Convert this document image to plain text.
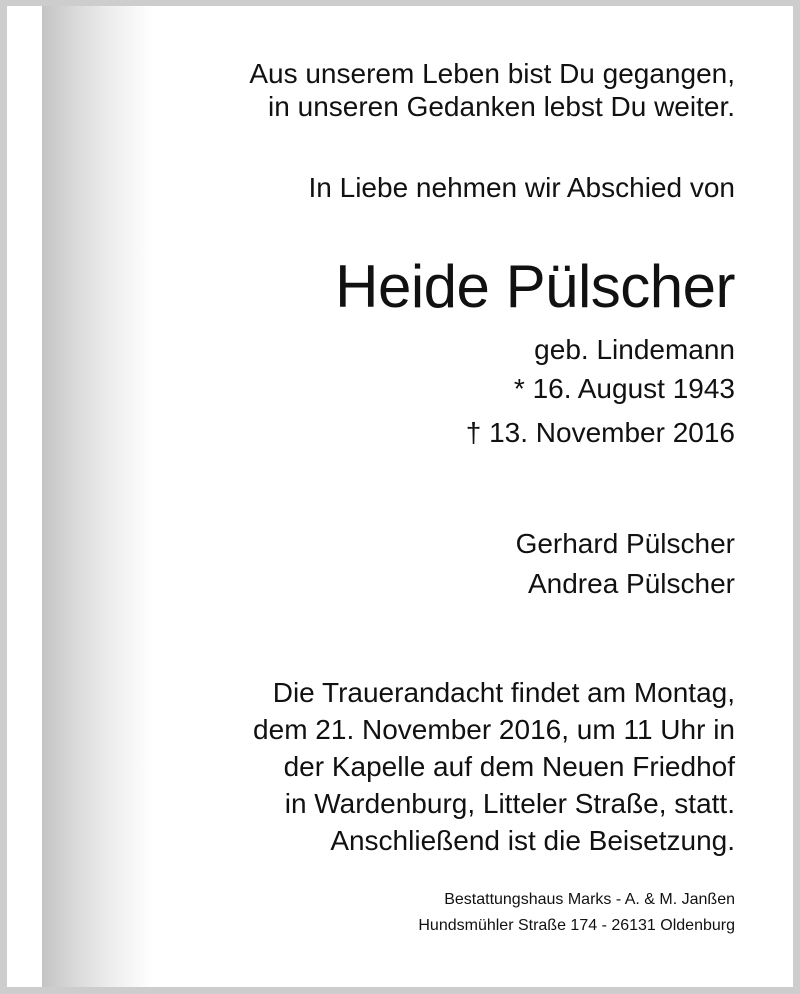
Aus unserem Leben bist Du gegangen,
in unseren Gedanken lebst Du weiter.
In Liebe nehmen wir Abschied von
Heide Pülscher
geb. Lindemann
* 16. August 1943
† 13. November 2016
Gerhard Pülscher
Andrea Pülscher
Die Trauerandacht findet am Montag,
dem 21. November 2016, um 11 Uhr in
der Kapelle auf dem Neuen Friedhof
in Wardenburg, Litteler Straße, statt.
Anschließend ist die Beisetzung.
Bestattungshaus Marks - A. & M. Janßen
Hundsmühler Straße 174 - 26131 Oldenburg
